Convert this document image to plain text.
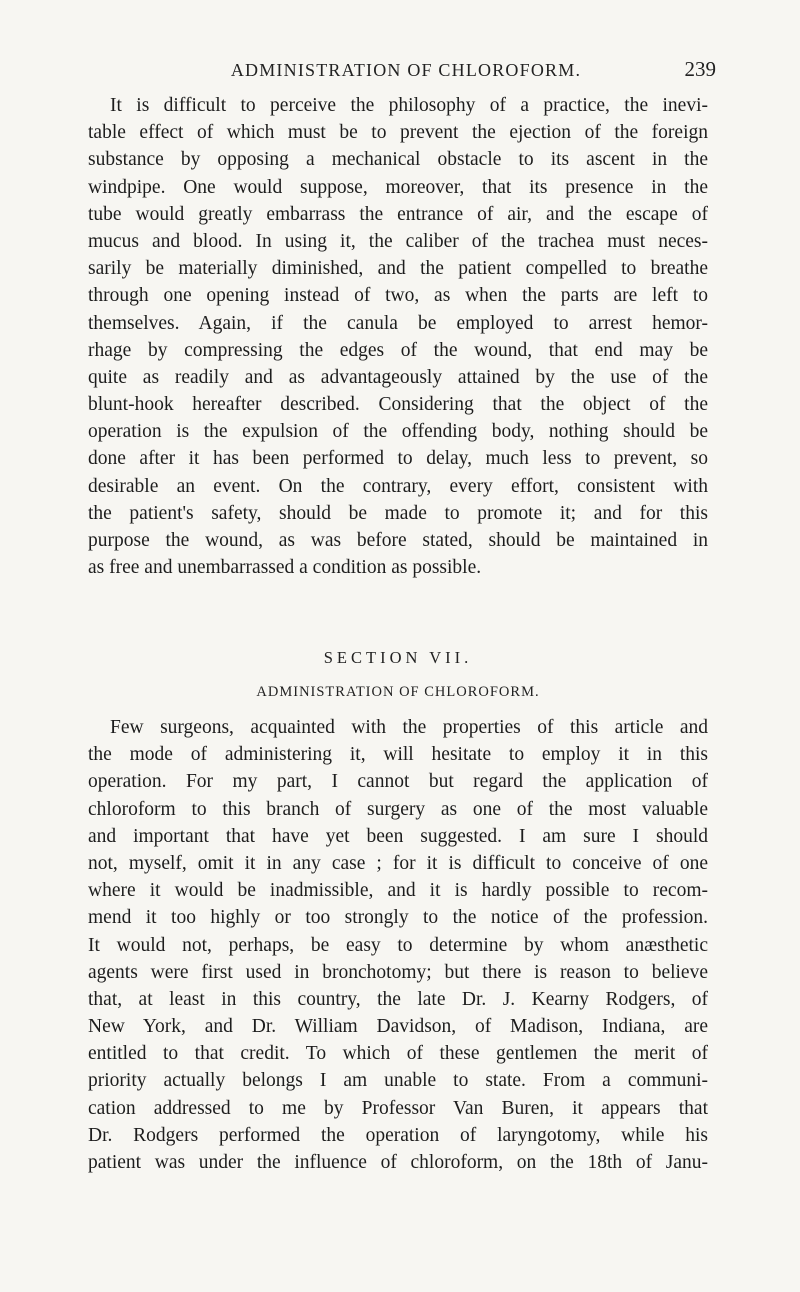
ADMINISTRATION OF CHLOROFORM.	239
It is difficult to perceive the philosophy of a practice, the inevi-
table effect of which must be to prevent the ejection of the foreign
substance by opposing a mechanical obstacle to its ascent in the
windpipe. One would suppose, moreover, that its presence in the
tube would greatly embarrass the entrance of air, and the escape of
mucus and blood. In using it, the caliber of the trachea must neces-
sarily be materially diminished, and the patient compelled to breathe
through one opening instead of two, as when the parts are left to
themselves. Again, if the canula be employed to arrest hemor-
rhage by compressing the edges of the wound, that end may be
quite as readily and as advantageously attained by the use of the
blunt-hook hereafter described. Considering that the object of the
operation is the expulsion of the offending body, nothing should be
done after it has been performed to delay, much less to prevent, so
desirable an event. On the contrary, every effort, consistent with
the patient's safety, should be made to promote it; and for this
purpose the wound, as was before stated, should be maintained in
as free and unembarrassed a condition as possible.
SECTION VII.
ADMINISTRATION OF CHLOROFORM.
Few surgeons, acquainted with the properties of this article and
the mode of administering it, will hesitate to employ it in this
operation. For my part, I cannot but regard the application of
chloroform to this branch of surgery as one of the most valuable
and important that have yet been suggested. I am sure I should
not, myself, omit it in any case ; for it is difficult to conceive of one
where it would be inadmissible, and it is hardly possible to recom-
mend it too highly or too strongly to the notice of the profession.
It would not, perhaps, be easy to determine by whom anæsthetic
agents were first used in bronchotomy; but there is reason to believe
that, at least in this country, the late Dr. J. Kearny Rodgers, of
New York, and Dr. William Davidson, of Madison, Indiana, are
entitled to that credit. To which of these gentlemen the merit of
priority actually belongs I am unable to state. From a communi-
cation addressed to me by Professor Van Buren, it appears that
Dr. Rodgers performed the operation of laryngotomy, while his
patient was under the influence of chloroform, on the 18th of Janu-
